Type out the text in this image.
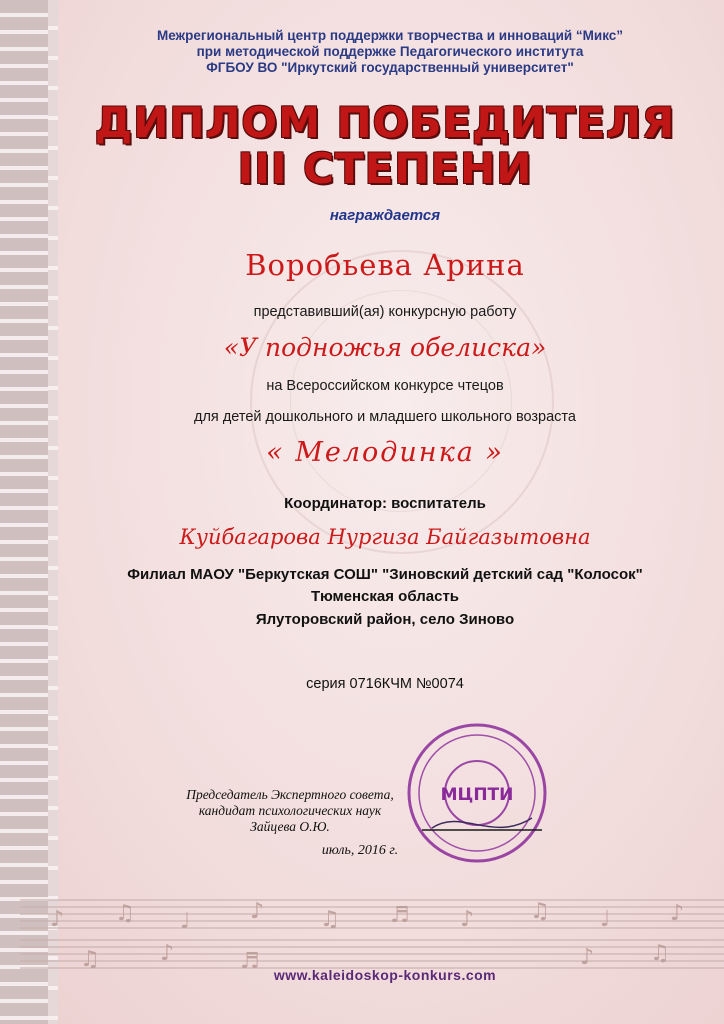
Межрегиональный центр поддержки творчества и инноваций “Микс”
при методической поддержке Педагогического института
ФГБОУ ВО "Иркутский государственный университет"
ДИПЛОМ ПОБЕДИТЕЛЯ
III СТЕПЕНИ
награждается
Воробьева Арина
представивший(ая) конкурсную работу
«У подножья обелиска»
на Всероссийском конкурсе чтецов
для детей дошкольного и младшего школьного возраста
« Мелодинка »
Координатор: воспитатель
Куйбагарова Нургиза Байгазытовна
Филиал МАОУ "Беркутская СОШ" "Зиновский детский сад "Колосок"
Тюменская область
Ялуторовский район, село Зиново
серия 0716КЧМ №0074
Председатель Экспертного совета,
кандидат психологических наук
Зайцева О.Ю.
июль, 2016 г.
МЦПТИ
♪ ♫ ♩	♪	♫ ♬ ♪	♫ ♩	♪
♫	♪	♬	♪	♫
www.kaleidoskop-konkurs.com
